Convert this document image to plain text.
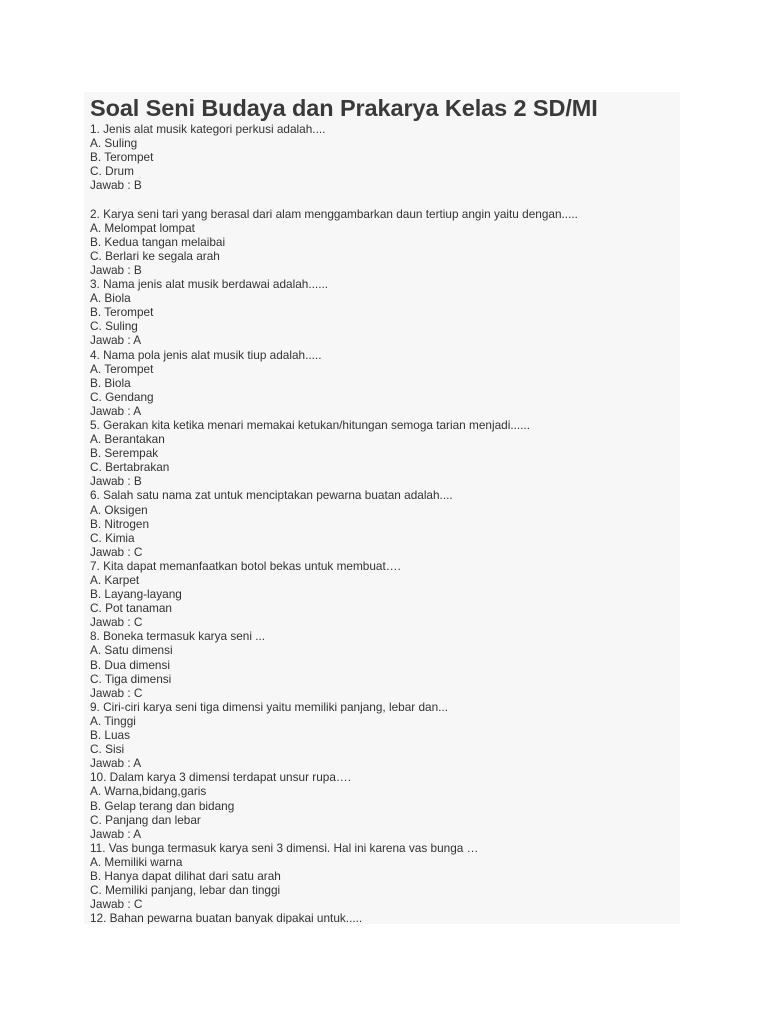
Soal Seni Budaya dan Prakarya Kelas 2 SD/MI
1. Jenis alat musik kategori perkusi adalah....
A. Suling
B. Terompet
C. Drum
Jawab : B
2. Karya seni tari yang berasal dari alam menggambarkan daun tertiup angin yaitu dengan.....
A. Melompat lompat
B. Kedua tangan melaibai
C. Berlari ke segala arah
Jawab : B
3. Nama jenis alat musik berdawai adalah......
A. Biola
B. Terompet
C. Suling
Jawab : A
4. Nama pola jenis alat musik tiup adalah.....
A. Terompet
B. Biola
C. Gendang
Jawab : A
5. Gerakan kita ketika menari memakai ketukan/hitungan semoga tarian menjadi......
A. Berantakan
B. Serempak
C. Bertabrakan
Jawab : B
6. Salah satu nama zat untuk menciptakan pewarna buatan adalah....
A. Oksigen
B. Nitrogen
C. Kimia
Jawab : C
7. Kita dapat memanfaatkan botol bekas untuk membuat….
A. Karpet
B. Layang-layang
C. Pot tanaman
Jawab : C
8. Boneka termasuk karya seni ...
A. Satu dimensi
B. Dua dimensi
C. Tiga dimensi
Jawab : C
9. Ciri-ciri karya seni tiga dimensi yaitu memiliki panjang, lebar dan...
A. Tinggi
B. Luas
C. Sisi
Jawab : A
10. Dalam karya 3 dimensi terdapat unsur rupa….
A. Warna,bidang,garis
B. Gelap terang dan bidang
C. Panjang dan lebar
Jawab : A
11. Vas bunga termasuk karya seni 3 dimensi. Hal ini karena vas bunga …
A. Memiliki warna
B. Hanya dapat dilihat dari satu arah
C. Memiliki panjang, lebar dan tinggi
Jawab : C
12. Bahan pewarna buatan banyak dipakai untuk.....
